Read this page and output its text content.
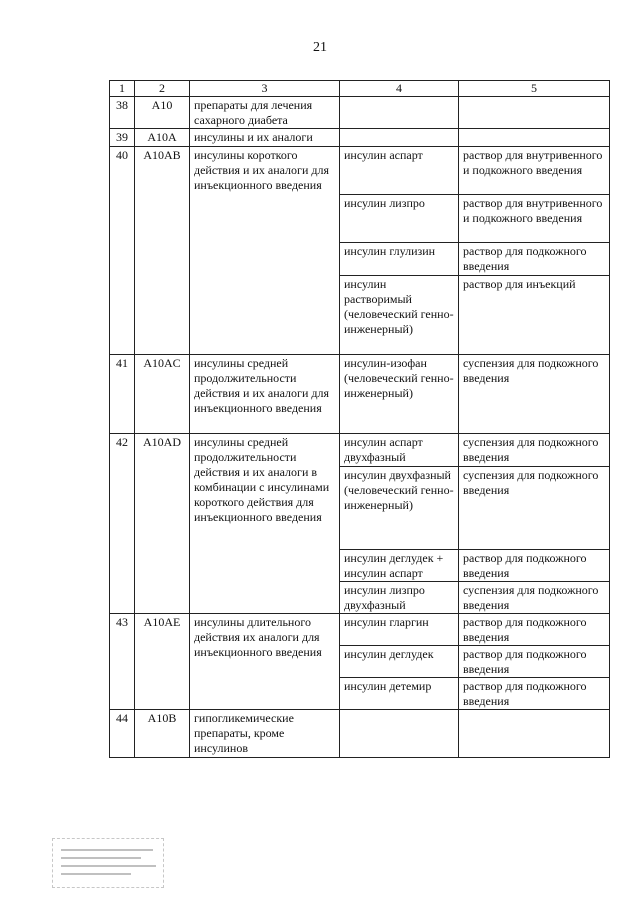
21
1	2	3	4	5
38	A10	препараты для лечения сахарного диабета		
39	A10A	инсулины и их аналоги		
40	A10AB	инсулины короткого действия и их аналоги для инъекционного введения	инсулин аспарт	раствор для внутривенного и подкожного введения
			инсулин лизпро	раствор для внутривенного и подкожного введения
			инсулин глулизин	раствор для подкожного введения
			инсулин растворимый (человеческий генно-инженерный)	раствор для инъекций
41	A10AC	инсулины средней продолжительности действия и их аналоги для инъекционного введения	инсулин-изофан (человеческий генно-инженерный)	суспензия для подкожного введения
42	A10AD	инсулины средней продолжительности действия и их аналоги в комбинации с инсулинами короткого действия для инъекционного введения	инсулин аспарт двухфазный	суспензия для подкожного введения
			инсулин двухфазный (человеческий генно-инженерный)	суспензия для подкожного введения
			инсулин деглудек + инсулин аспарт	раствор для подкожного введения
			инсулин лизпро двухфазный	суспензия для подкожного введения
43	A10AE	инсулины длительного действия их аналоги для инъекционного введения	инсулин гларгин	раствор для подкожного введения
			инсулин деглудек	раствор для подкожного введения
			инсулин детемир	раствор для подкожного введения
44	A10B	гипогликемические препараты, кроме инсулинов		
